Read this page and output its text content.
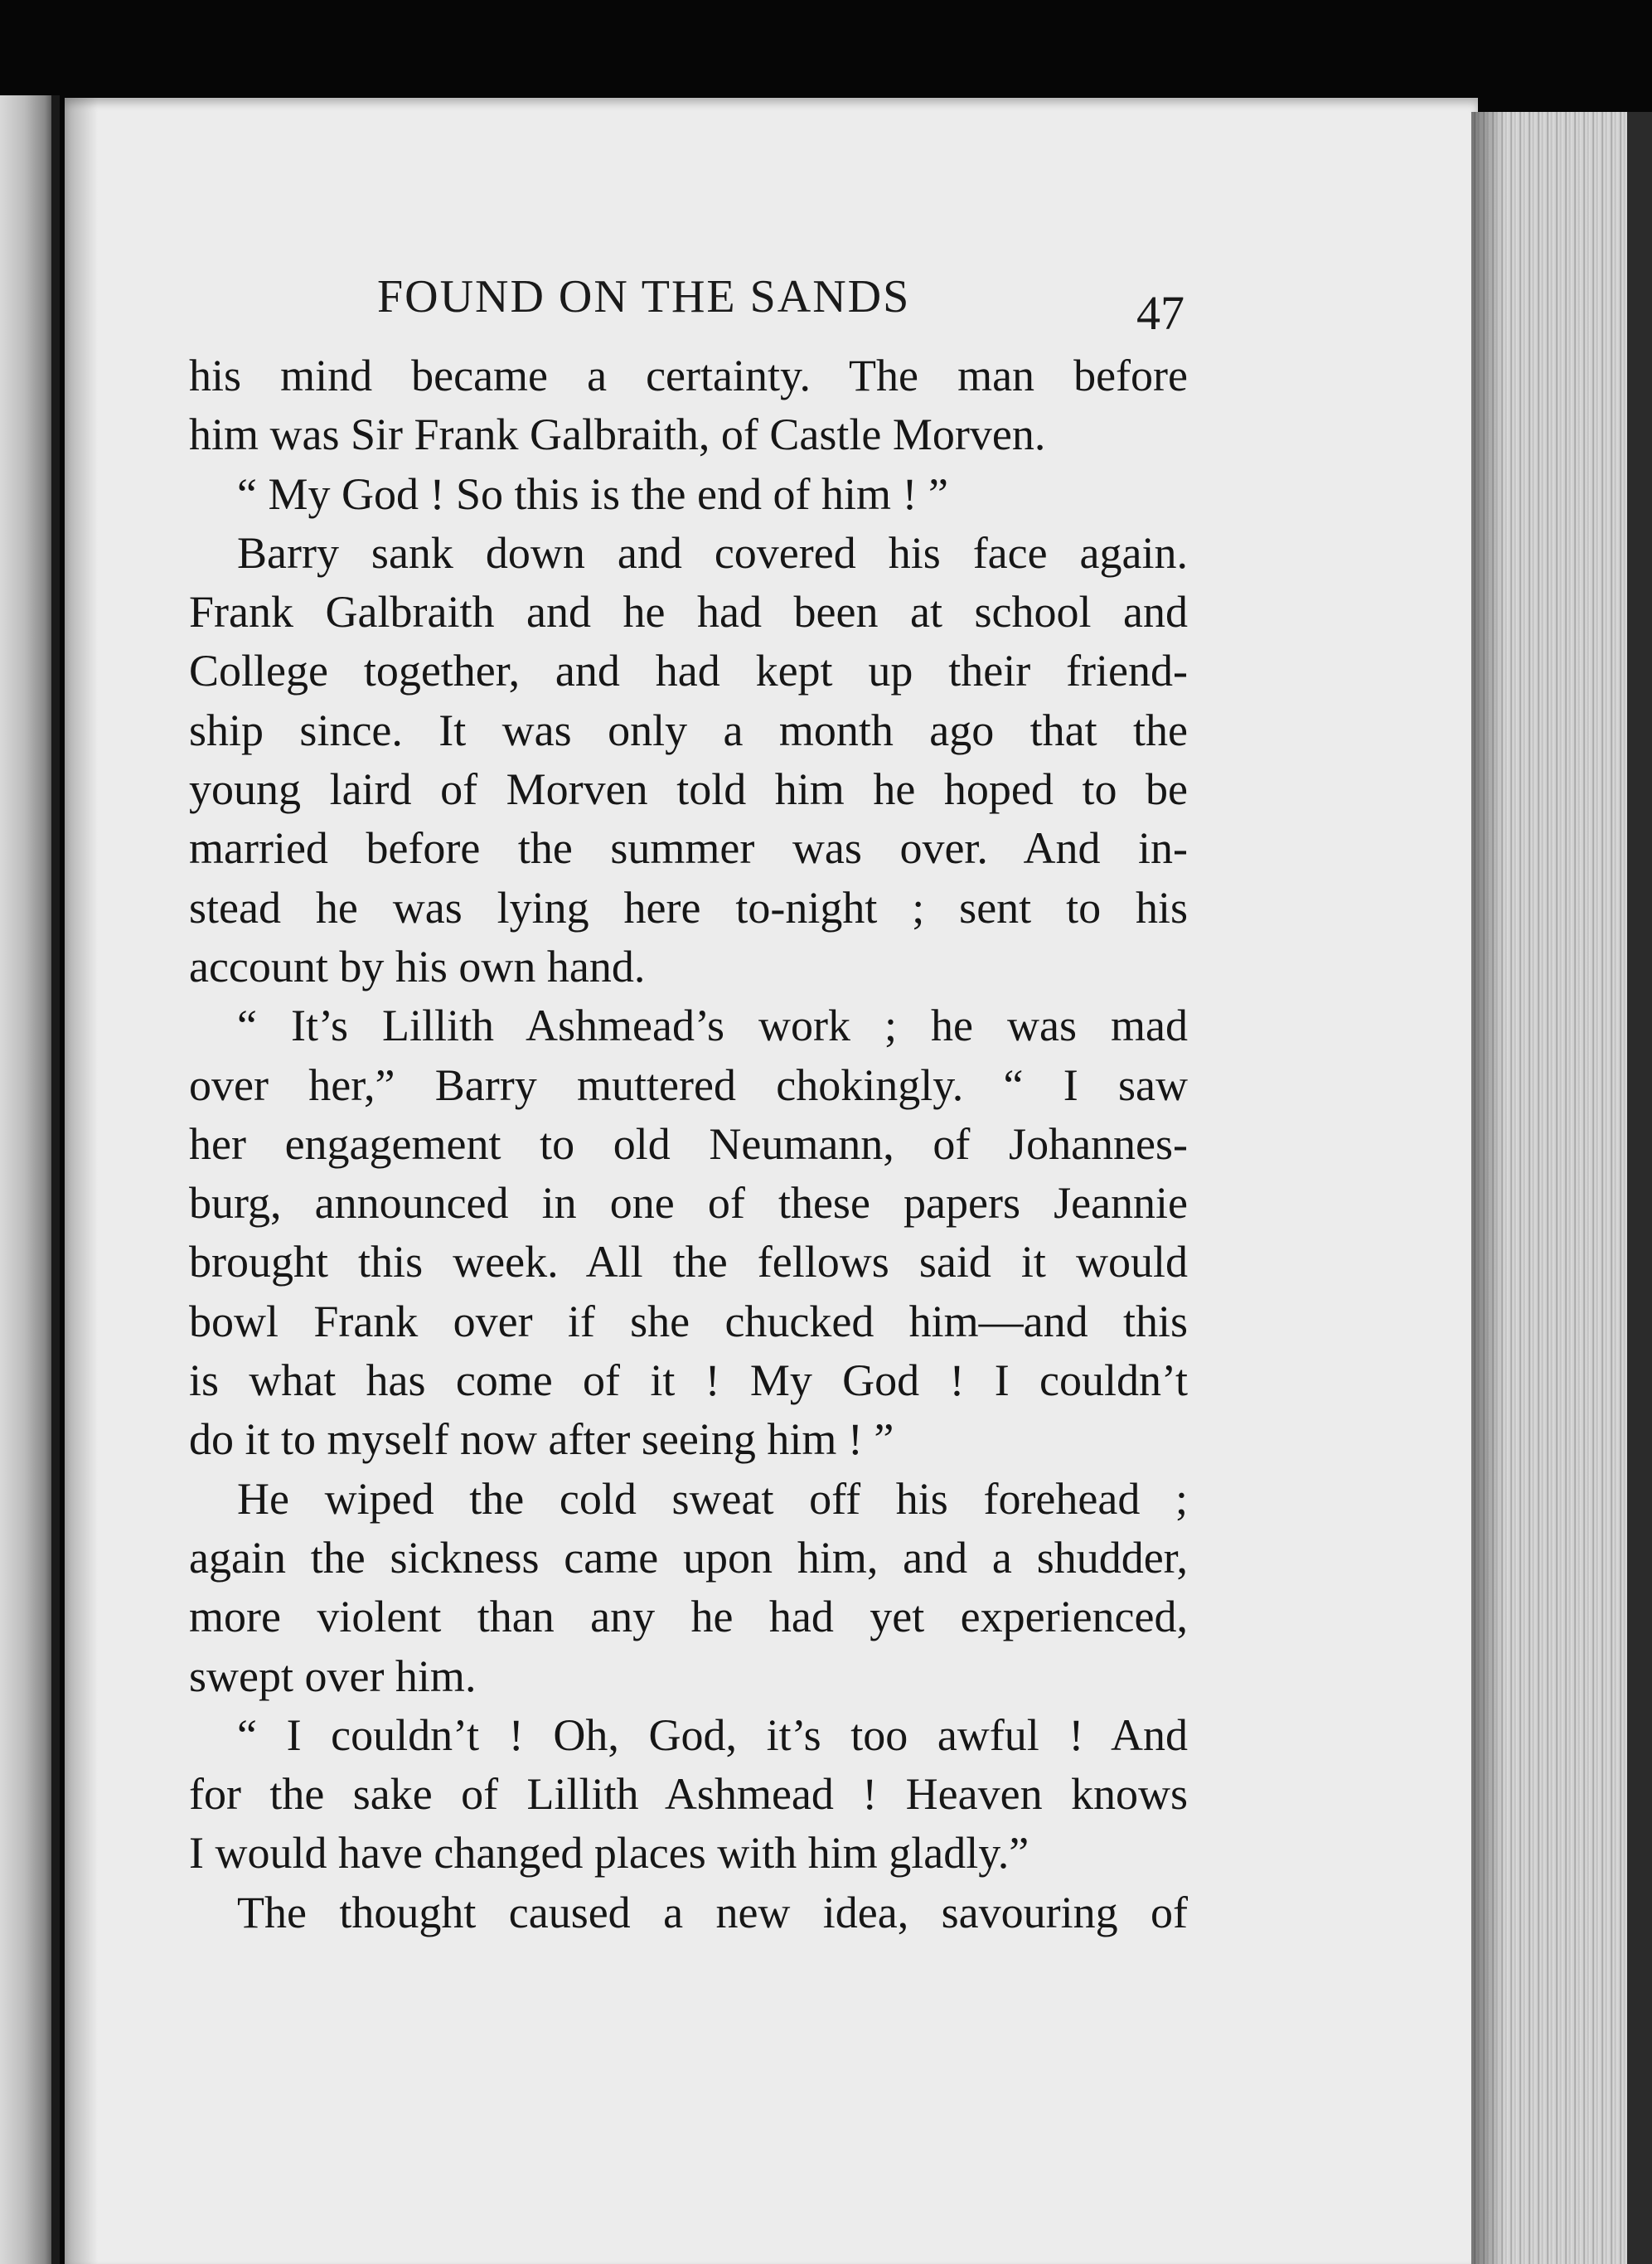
FOUND ON THE SANDS	47
his mind became a certainty. The man before
him was Sir Frank Galbraith, of Castle Morven.
“ My God ! So this is the end of him ! ”
Barry sank down and covered his face again.
Frank Galbraith and he had been at school and
College together, and had kept up their friend-
ship since. It was only a month ago that the
young laird of Morven told him he hoped to be
married before the summer was over. And in-
stead he was lying here to-night ; sent to his
account by his own hand.
“ It’s Lillith Ashmead’s work ; he was mad
over her,” Barry muttered chokingly. “ I saw
her engagement to old Neumann, of Johannes-
burg, announced in one of these papers Jeannie
brought this week. All the fellows said it would
bowl Frank over if she chucked him—and this
is what has come of it ! My God ! I couldn’t
do it to myself now after seeing him ! ”
He wiped the cold sweat off his forehead ;
again the sickness came upon him, and a shudder,
more violent than any he had yet experienced,
swept over him.
“ I couldn’t ! Oh, God, it’s too awful ! And
for the sake of Lillith Ashmead ! Heaven knows
I would have changed places with him gladly.”
The thought caused a new idea, savouring of
